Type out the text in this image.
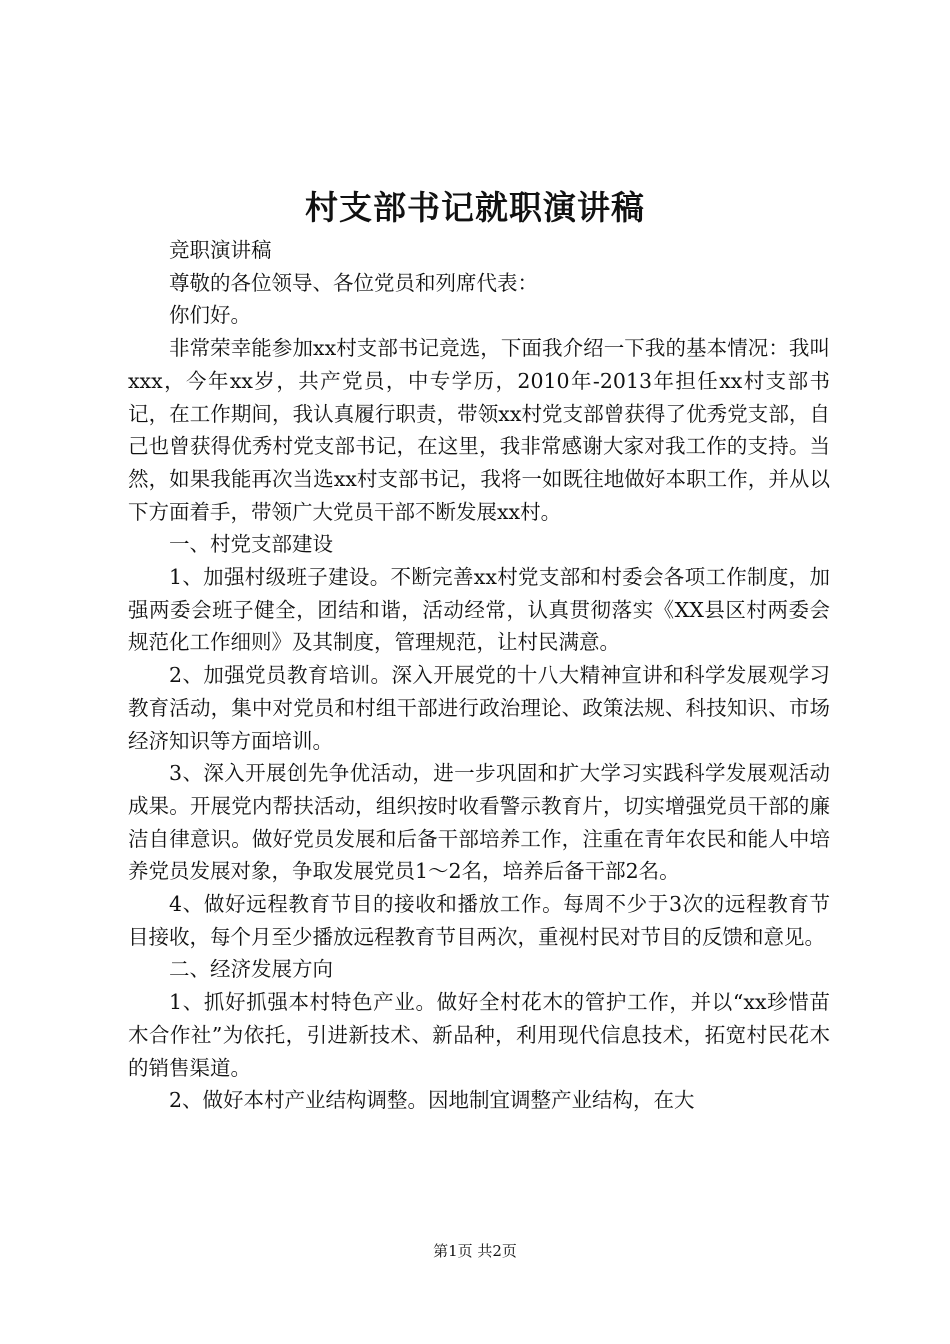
村支部书记就职演讲稿

竞职演讲稿

尊敬的各位领导、各位党员和列席代表：

你们好。

非常荣幸能参加xx村支部书记竞选，下面我介绍一下我的基本情况：我叫xxx，今年xx岁，共产党员，中专学历，2010年-2013年担任xx村支部书记，在工作期间，我认真履行职责，带领xx村党支部曾获得了优秀党支部，自己也曾获得优秀村党支部书记，在这里，我非常感谢大家对我工作的支持。当然，如果我能再次当选xx村支部书记，我将一如既往地做好本职工作，并从以下方面着手，带领广大党员干部不断发展xx村。

一、村党支部建设

1、加强村级班子建设。不断完善xx村党支部和村委会各项工作制度，加强两委会班子健全，团结和谐，活动经常，认真贯彻落实《XX县区村两委会规范化工作细则》及其制度，管理规范，让村民满意。

2、加强党员教育培训。深入开展党的十八大精神宣讲和科学发展观学习教育活动，集中对党员和村组干部进行政治理论、政策法规、科技知识、市场经济知识等方面培训。

3、深入开展创先争优活动，进一步巩固和扩大学习实践科学发展观活动成果。开展党内帮扶活动，组织按时收看警示教育片，切实增强党员干部的廉洁自律意识。做好党员发展和后备干部培养工作，注重在青年农民和能人中培养党员发展对象，争取发展党员1～2名，培养后备干部2名。

4、做好远程教育节目的接收和播放工作。每周不少于3次的远程教育节目接收，每个月至少播放远程教育节目两次，重视村民对节目的反馈和意见。

二、经济发展方向

1、抓好抓强本村特色产业。做好全村花木的管护工作，并以“xx珍惜苗木合作社”为依托，引进新技术、新品种，利用现代信息技术，拓宽村民花木的销售渠道。

2、做好本村产业结构调整。因地制宜调整产业结构，在大

第1页 共2页
